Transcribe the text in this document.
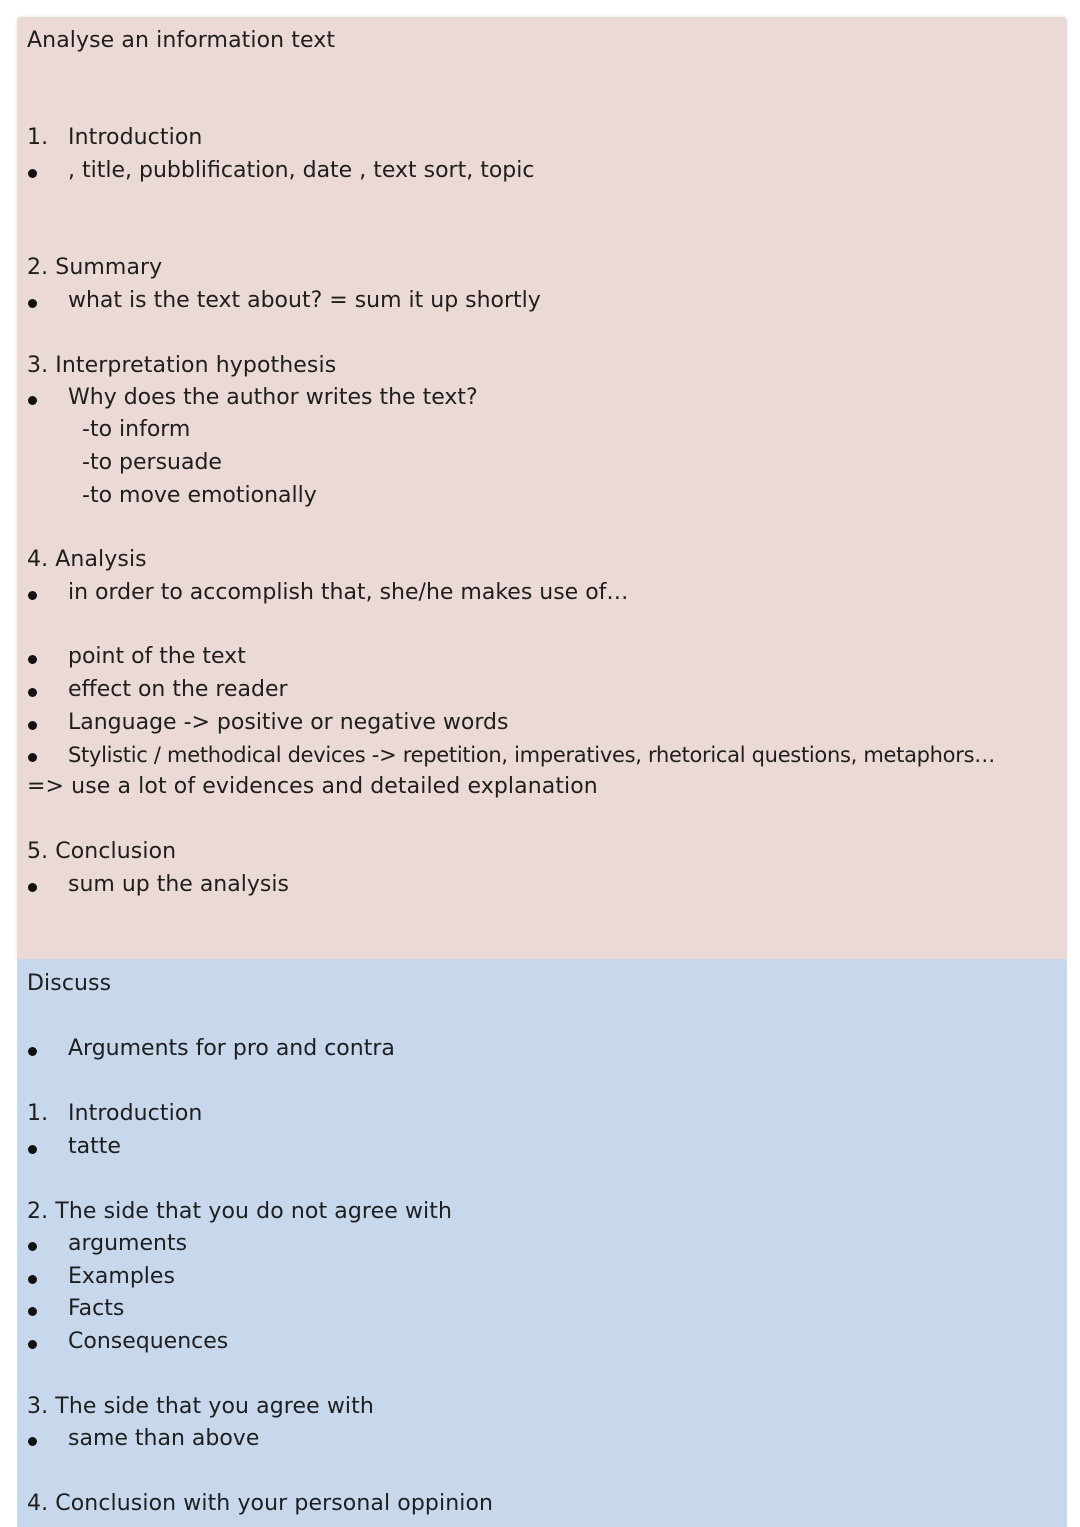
Analyse an information text
1. Introduction
, title, pubblification, date , text sort, topic
2. Summary
what is the text about? = sum it up shortly
3. Interpretation hypothesis
Why does the author writes the text?
-to inform
-to persuade
-to move emotionally
4. Analysis
in order to accomplish that, she/he makes use of…
point of the text
effect on the reader
Language -> positive or negative words
Stylistic / methodical devices -> repetition, imperatives, rhetorical questions, metaphors…
=> use a lot of evidences and detailed explanation
5. Conclusion
sum up the analysis
Discuss
Arguments for pro and contra
1. Introduction
tatte
2. The side that you do not agree with
arguments
Examples
Facts
Consequences
3. The side that you agree with
same than above
4. Conclusion with your personal oppinion
